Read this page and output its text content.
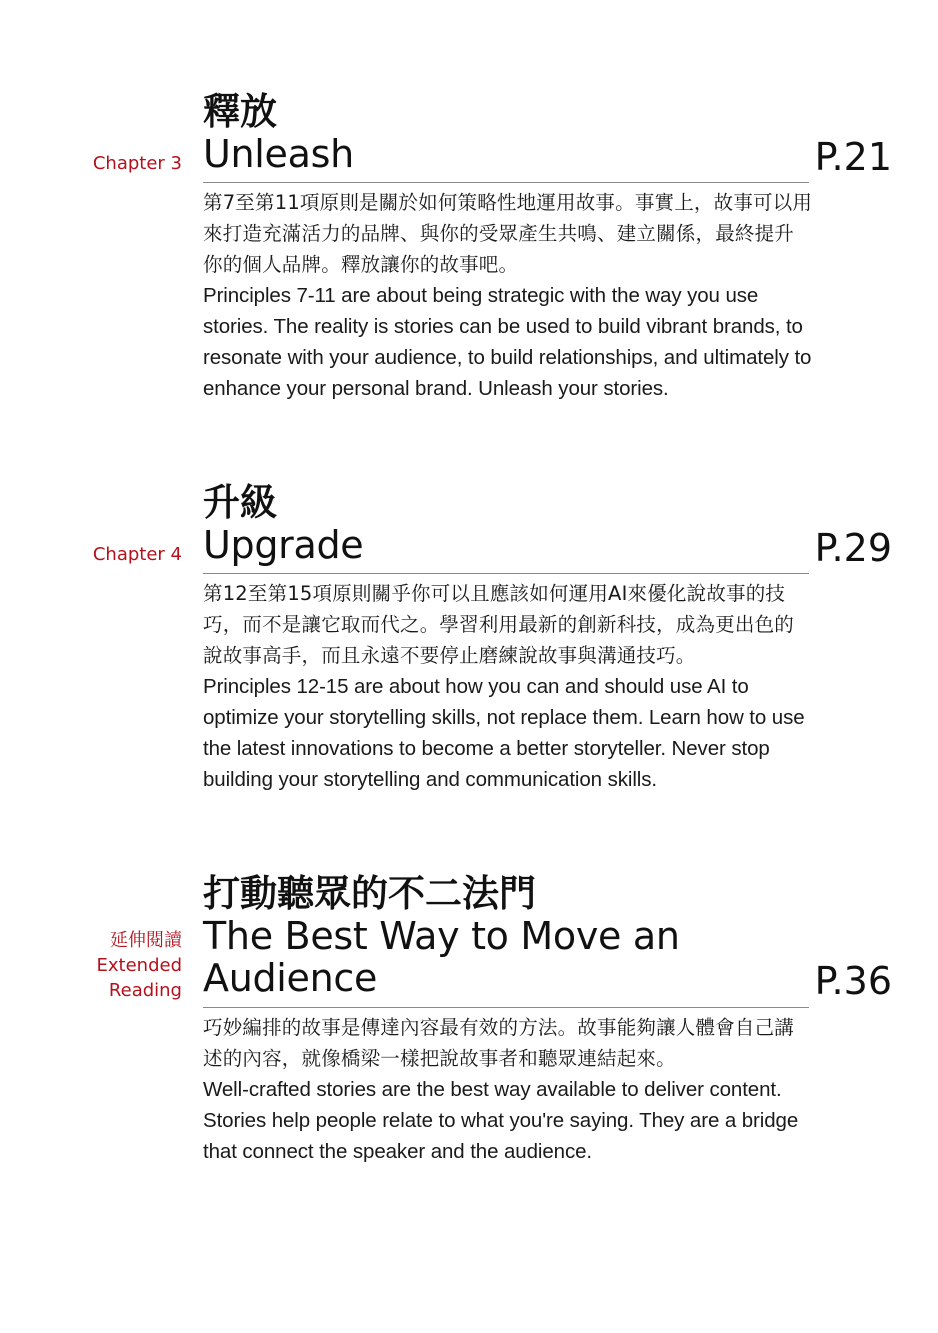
Chapter 3
釋放
Unleash	P.21

第7至第11項原則是關於如何策略性地運用故事。事實上，故事可以用來打造充滿活力的品牌、與你的受眾產生共鳴、建立關係，最終提升你的個人品牌。釋放讓你的故事吧。

Principles 7-11 are about being strategic with the way you use stories. The reality is stories can be used to build vibrant brands, to resonate with your audience, to build relationships, and ultimately to enhance your personal brand. Unleash your stories.

Chapter 4
升級
Upgrade	P.29

第12至第15項原則關乎你可以且應該如何運用AI來優化說故事的技巧，而不是讓它取而代之。學習利用最新的創新科技，成為更出色的說故事高手，而且永遠不要停止磨練說故事與溝通技巧。

Principles 12-15 are about how you can and should use AI to optimize your storytelling skills, not replace them. Learn how to use the latest innovations to become a better storyteller. Never stop building your storytelling and communication skills.

延伸閱讀
Extended
Reading
打動聽眾的不二法門
The Best Way to Move an Audience	P.36

巧妙編排的故事是傳達內容最有效的方法。故事能夠讓人體會自己講述的內容，就像橋梁一樣把說故事者和聽眾連結起來。

Well-crafted stories are the best way available to deliver content. Stories help people relate to what you're saying. They are a bridge that connect the speaker and the audience.
